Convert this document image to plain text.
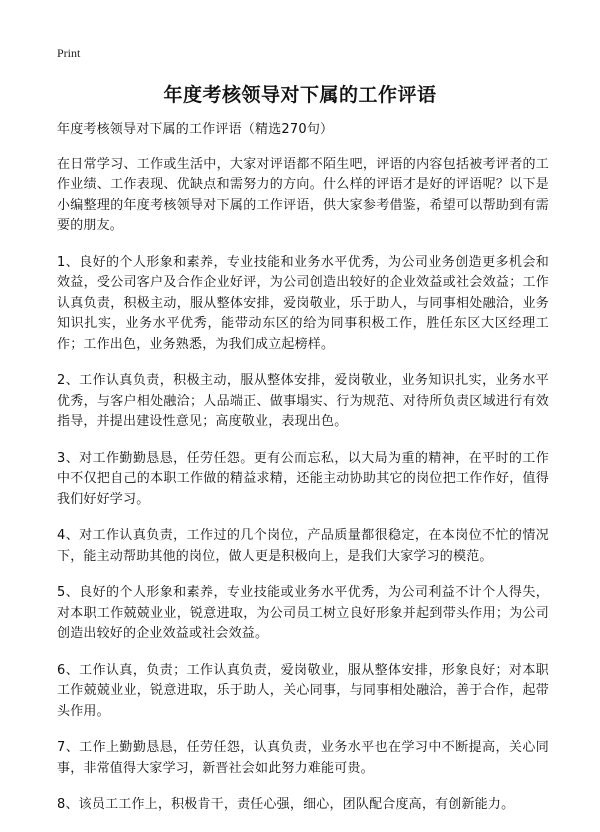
Print
年度考核领导对下属的工作评语

年度考核领导对下属的工作评语（精选270句）

在日常学习、工作或生活中，大家对评语都不陌生吧，评语的内容包括被考评者的工作业绩、工作表现、优缺点和需努力的方向。什么样的评语才是好的评语呢？以下是小编整理的年度考核领导对下属的工作评语，供大家参考借鉴，希望可以帮助到有需要的朋友。

1、良好的个人形象和素养，专业技能和业务水平优秀，为公司业务创造更多机会和效益，受公司客户及合作企业好评，为公司创造出较好的企业效益或社会效益；工作认真负责，积极主动，服从整体安排，爱岗敬业，乐于助人，与同事相处融洽，业务知识扎实，业务水平优秀，能带动东区的给为同事积极工作，胜任东区大区经理工作；工作出色，业务熟悉，为我们成立起榜样。

2、工作认真负责，积极主动，服从整体安排，爱岗敬业，业务知识扎实，业务水平优秀，与客户相处融洽；人品端正、做事塌实、行为规范、对待所负责区域进行有效指导，并提出建设性意见；高度敬业，表现出色。

3、对工作勤勤恳恳，任劳任怨。更有公而忘私，以大局为重的精神，在平时的工作中不仅把自己的本职工作做的精益求精，还能主动协助其它的岗位把工作作好，值得我们好好学习。

4、对工作认真负责，工作过的几个岗位，产品质量都很稳定，在本岗位不忙的情况下，能主动帮助其他的岗位，做人更是积极向上，是我们大家学习的模范。

5、良好的个人形象和素养，专业技能或业务水平优秀，为公司利益不计个人得失，对本职工作兢兢业业，锐意进取，为公司员工树立良好形象并起到带头作用；为公司创造出较好的企业效益或社会效益。

6、工作认真，负责；工作认真负责，爱岗敬业，服从整体安排，形象良好；对本职工作兢兢业业，锐意进取，乐于助人，关心同事，与同事相处融洽，善于合作，起带头作用。

7、工作上勤勤恳恳，任劳任怨，认真负责，业务水平也在学习中不断提高，关心同事，非常值得大家学习，新晋社会如此努力难能可贵。

8、该员工工作上，积极肯干，责任心强，细心，团队配合度高，有创新能力。
